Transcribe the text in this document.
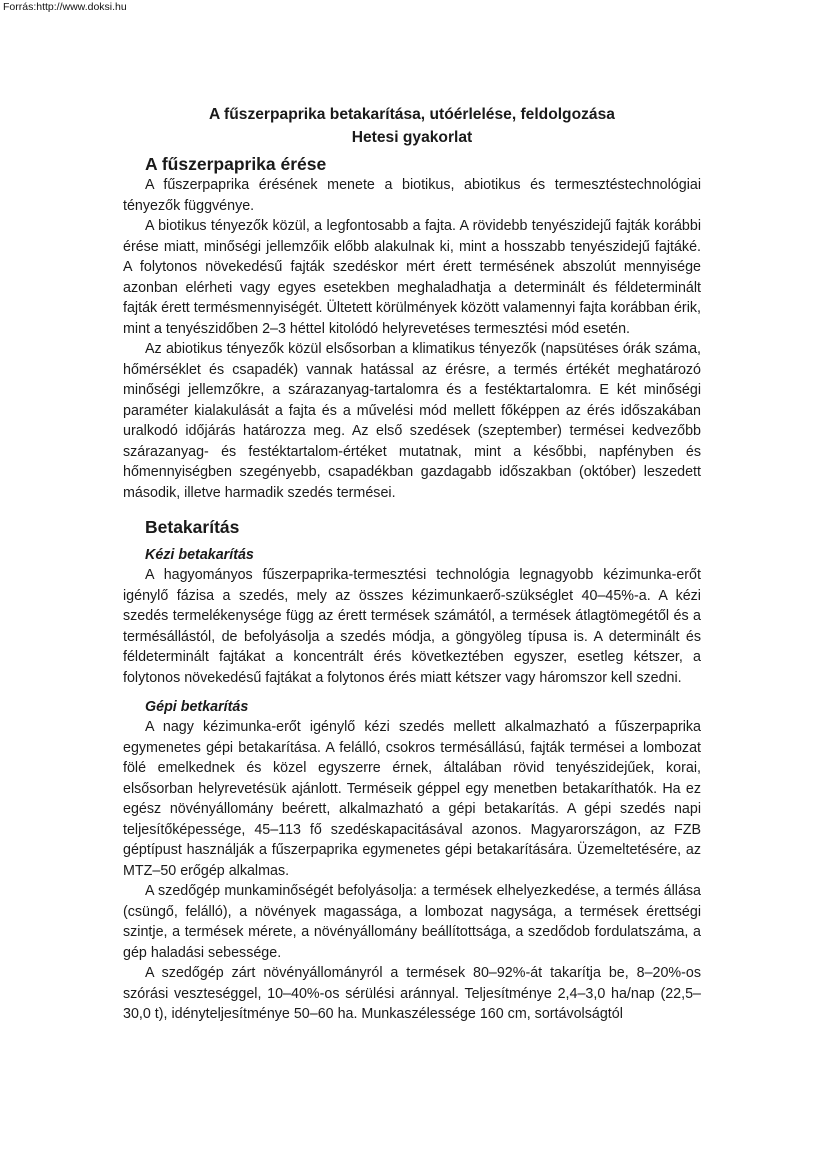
Forrás:http://www.doksi.hu
A fűszerpaprika betakarítása, utóérlelése, feldolgozása
Hetesi gyakorlat
A fűszerpaprika érése

A fűszerpaprika érésének menete a biotikus, abiotikus és termesztéstechnológiai tényezők függvénye.

A biotikus tényezők közül, a legfontosabb a fajta. A rövidebb tenyészidejű fajták korábbi érése miatt, minőségi jellemzőik előbb alakulnak ki, mint a hosszabb tenyészidejű fajtáké. A folytonos növekedésű fajták szedéskor mért érett termésének abszolút mennyisége azonban elérheti vagy egyes esetekben meghaladhatja a determinált és féldeterminált fajták érett termésmennyiségét. Ültetett körülmények között valamennyi fajta korábban érik, mint a tenyészidőben 2–3 héttel kitolódó helyrevetéses termesztési mód esetén.

Az abiotikus tényezők közül elsősorban a klimatikus tényezők (napsütéses órák száma, hőmérséklet és csapadék) vannak hatással az érésre, a termés értékét meghatározó minőségi jellemzőkre, a szárazanyag-tartalomra és a festéktartalomra. E két minőségi paraméter kialakulását a fajta és a művelési mód mellett főképpen az érés időszakában uralkodó időjárás határozza meg. Az első szedések (szeptember) termései kedvezőbb szárazanyag- és festéktartalom-értéket mutatnak, mint a későbbi, napfényben és hőmennyiségben szegényebb, csapadékban gazdagabb időszakban (október) leszedett második, illetve harmadik szedés termései.

Betakarítás
Kézi betakarítás

A hagyományos fűszerpaprika-termesztési technológia legnagyobb kézimunka-erőt igénylő fázisa a szedés, mely az összes kézimunkaerő-szükséglet 40–45%-a. A kézi szedés termelékenysége függ az érett termések számától, a termések átlagtömegétől és a termésállástól, de befolyásolja a szedés módja, a göngyöleg típusa is. A determinált és féldeterminált fajtákat a koncentrált érés következtében egyszer, esetleg kétszer, a folytonos növekedésű fajtákat a folytonos érés miatt kétszer vagy háromszor kell szedni.

Gépi betkarítás

A nagy kézimunka-erőt igénylő kézi szedés mellett alkalmazható a fűszerpaprika egymenetes gépi betakarítása. A felálló, csokros termésállású, fajták termései a lombozat fölé emelkednek és közel egyszerre érnek, általában rövid tenyészidejűek, korai, elsősorban helyrevetésük ajánlott. Terméseik géppel egy menetben betakaríthatók. Ha ez egész növényállomány beérett, alkalmazható a gépi betakarítás. A gépi szedés napi teljesítőképessége, 45–113 fő szedéskapacitásával azonos. Magyarországon, az FZB géptípust használják a fűszerpaprika egymenetes gépi betakarítására. Üzemeltetésére, az MTZ–50 erőgép alkalmas.

A szedőgép munkaminőségét befolyásolja: a termések elhelyezkedése, a termés állása (csüngő, felálló), a növények magassága, a lombozat nagysága, a termések érettségi szintje, a termések mérete, a növényállomány beállítottsága, a szedődob fordulatszáma, a gép haladási sebessége.

A szedőgép zárt növényállományról a termések 80–92%-át takarítja be, 8–20%-os szórási veszteséggel, 10–40%-os sérülési aránnyal. Teljesítménye 2,4–3,0 ha/nap (22,5–30,0 t), idényteljesítménye 50–60 ha. Munkaszélessége 160 cm, sortávolságtól
